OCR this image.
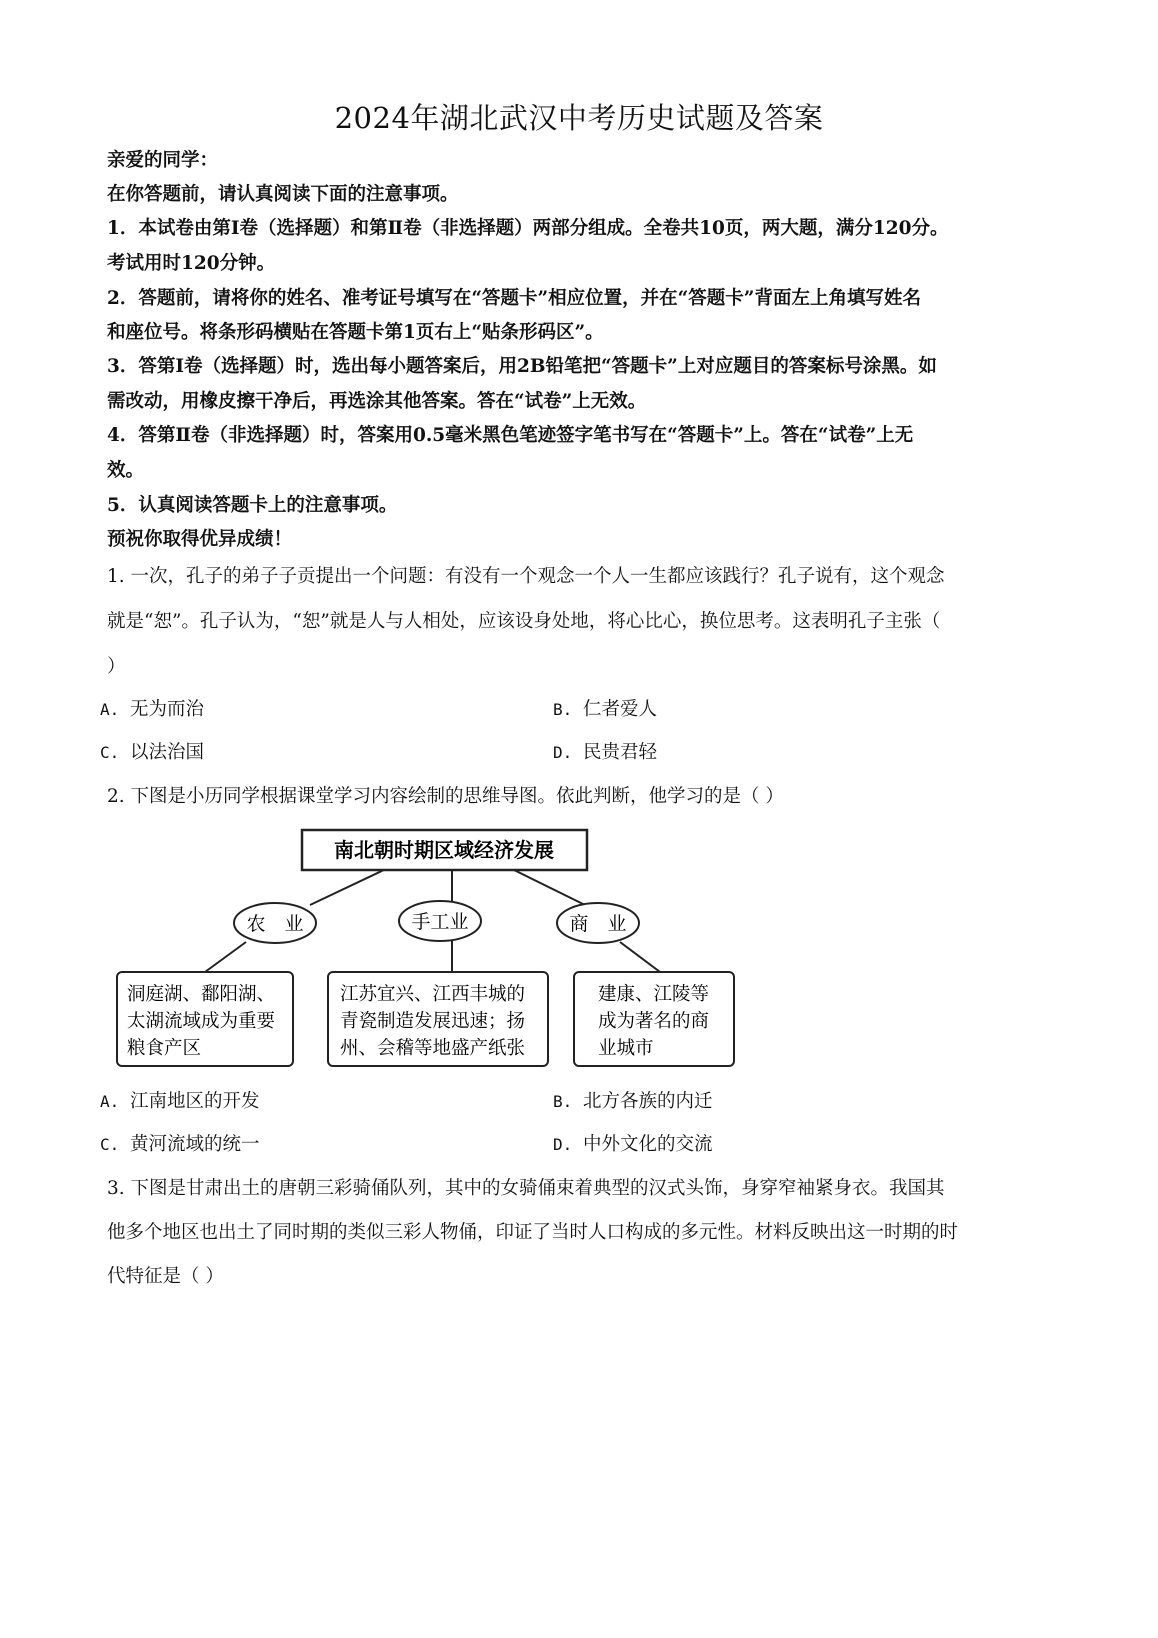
2024年湖北武汉中考历史试题及答案
亲爱的同学：
在你答题前，请认真阅读下面的注意事项。
1．本试卷由第Ⅰ卷（选择题）和第Ⅱ卷（非选择题）两部分组成。全卷共10页，两大题，满分120分。
考试用时120分钟。
2．答题前，请将你的姓名、准考证号填写在“答题卡”相应位置，并在“答题卡”背面左上角填写姓名
和座位号。将条形码横贴在答题卡第1页右上“贴条形码区”。
3．答第Ⅰ卷（选择题）时，选出每小题答案后，用2B铅笔把“答题卡”上对应题目的答案标号涂黑。如
需改动，用橡皮擦干净后，再选涂其他答案。答在“试卷”上无效。
4．答第Ⅱ卷（非选择题）时，答案用0.5毫米黑色笔迹签字笔书写在“答题卡”上。答在“试卷”上无
效。
5．认真阅读答题卡上的注意事项。
预祝你取得优异成绩！
1. 一次，孔子的弟子子贡提出一个问题：有没有一个观念一个人一生都应该践行？孔子说有，这个观念
就是“恕”。孔子认为，“恕”就是人与人相处，应该设身处地，将心比心，换位思考。这表明孔子主张（
）
A. 无为而治	B. 仁者爱人
C. 以法治国	D. 民贵君轻
2. 下图是小历同学根据课堂学习内容绘制的思维导图。依此判断，他学习的是（ ）
南北朝时期区域经济发展
农　业	手工业	商　业
洞庭湖、鄱阳湖、
太湖流域成为重要
粮食产区
江苏宜兴、江西丰城的
青瓷制造发展迅速；扬
州、会稽等地盛产纸张
建康、江陵等
成为著名的商
业城市
A. 江南地区的开发	B. 北方各族的内迁
C. 黄河流域的统一	D. 中外文化的交流
3. 下图是甘肃出土的唐朝三彩骑俑队列，其中的女骑俑束着典型的汉式头饰，身穿窄袖紧身衣。我国其
他多个地区也出土了同时期的类似三彩人物俑，印证了当时人口构成的多元性。材料反映出这一时期的时
代特征是（ ）
